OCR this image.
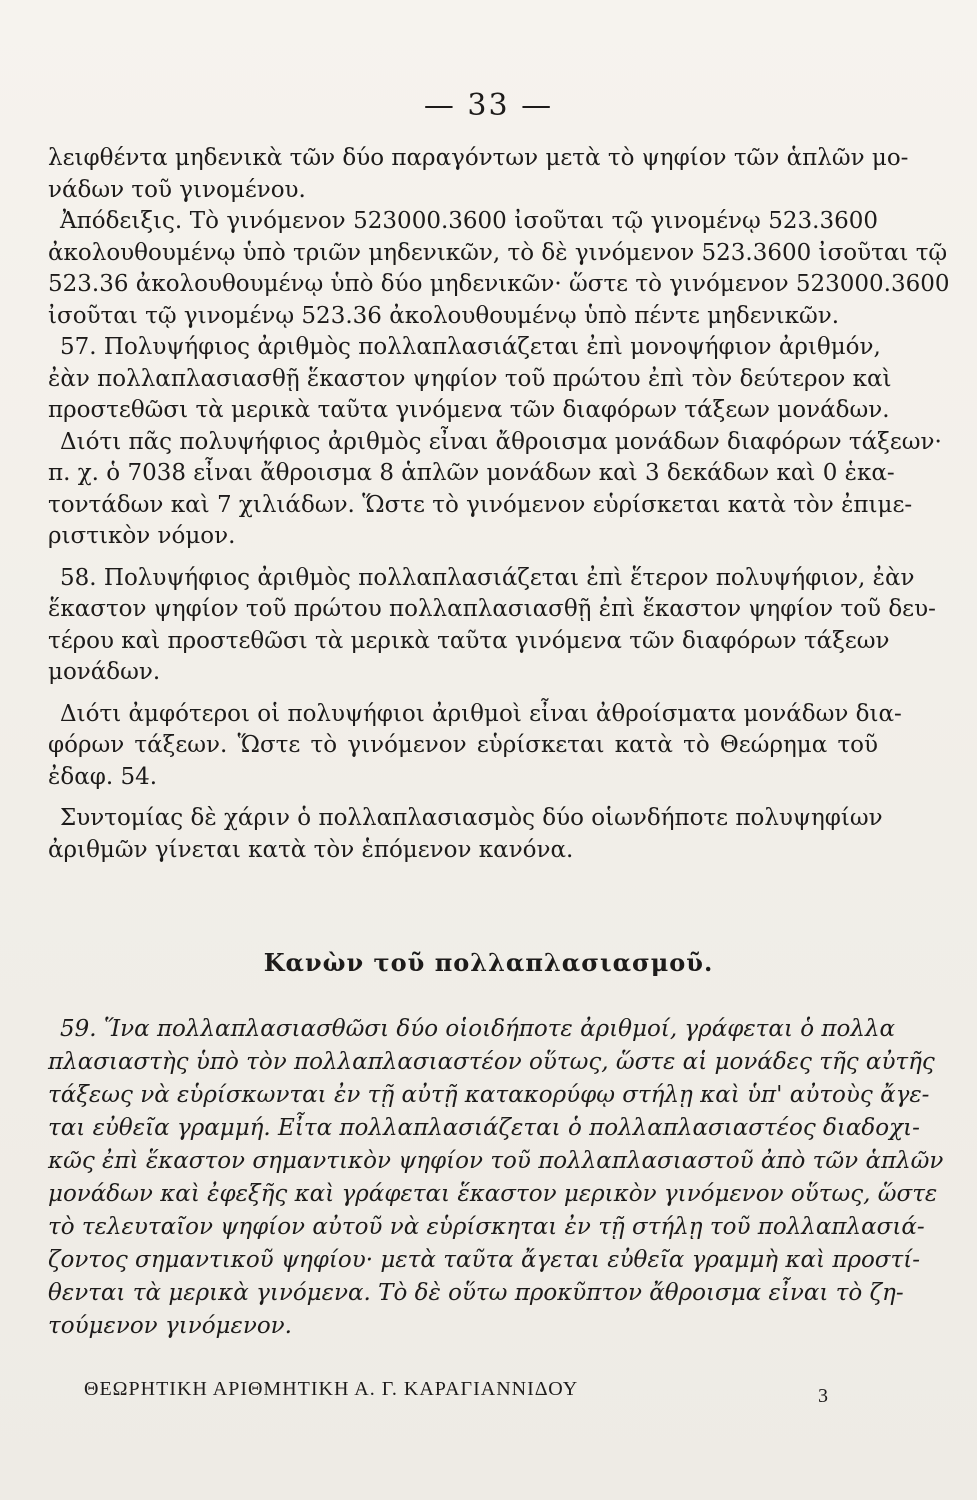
— 33 —
λειφθέντα μηδενικὰ τῶν δύο παραγόντων μετὰ τὸ ψηφίον τῶν ἁπλῶν μο-
νάδων τοῦ γινομένου.
Ἀπόδειξις. Τὸ γινόμενον 523000.3600 ἰσοῦται τῷ γινομένῳ 523.3600
ἀκολουθουμένῳ ὑπὸ τριῶν μηδενικῶν, τὸ δὲ γινόμενον 523.3600 ἰσοῦται τῷ
523.36 ἀκολουθουμένῳ ὑπὸ δύο μηδενικῶν· ὥστε τὸ γινόμενον 523000.3600
ἰσοῦται τῷ γινομένῳ 523.36 ἀκολουθουμένῳ ὑπὸ πέντε μηδενικῶν.
57. Πολυψήφιος ἀριθμὸς πολλαπλασιάζεται ἐπὶ μονοψήφιον ἀριθμόν,
ἐὰν πολλαπλασιασθῇ ἕκαστον ψηφίον τοῦ πρώτου ἐπὶ τὸν δεύτερον καὶ
προστεθῶσι τὰ μερικὰ ταῦτα γινόμενα τῶν διαφόρων τάξεων μονάδων.
Διότι πᾶς πολυψήφιος ἀριθμὸς εἶναι ἄθροισμα μονάδων διαφόρων τάξεων·
π. χ. ὁ 7038 εἶναι ἄθροισμα 8 ἁπλῶν μονάδων καὶ 3 δεκάδων καὶ 0 ἑκα-
τοντάδων καὶ 7 χιλιάδων. Ὥστε τὸ γινόμενον εὑρίσκεται κατὰ τὸν ἐπιμε-
ριστικὸν νόμον.
58. Πολυψήφιος ἀριθμὸς πολλαπλασιάζεται ἐπὶ ἕτερον πολυψήφιον, ἐὰν
ἕκαστον ψηφίον τοῦ πρώτου πολλαπλασιασθῇ ἐπὶ ἕκαστον ψηφίον τοῦ δευ-
τέρου καὶ προστεθῶσι τὰ μερικὰ ταῦτα γινόμενα τῶν διαφόρων τάξεων
μονάδων.
Διότι ἀμφότεροι οἱ πολυψήφιοι ἀριθμοὶ εἶναι ἀθροίσματα μονάδων δια-
φόρων τάξεων. Ὥστε τὸ γινόμενον εὑρίσκεται κατὰ τὸ Θεώρημα τοῦ
ἐδαφ. 54.
Συντομίας δὲ χάριν ὁ πολλαπλασιασμὸς δύο οἱωνδήποτε πολυψηφίων
ἀριθμῶν γίνεται κατὰ τὸν ἑπόμενον κανόνα.
Κανὼν τοῦ πολλαπλασιασμοῦ.
59. Ἵνα πολλαπλασιασθῶσι δύο οἱοιδήποτε ἀριθμοί, γράφεται ὁ πολλα
πλασιαστὴς ὑπὸ τὸν πολλαπλασιαστέον οὕτως, ὥστε αἱ μονάδες τῆς αὐτῆς
τάξεως νὰ εὑρίσκωνται ἐν τῇ αὐτῇ κατακορύφῳ στήλῃ καὶ ὑπ' αὐτοὺς ἄγε-
ται εὐθεῖα γραμμή. Εἶτα πολλαπλασιάζεται ὁ πολλαπλασιαστέος διαδοχι-
κῶς ἐπὶ ἕκαστον σημαντικὸν ψηφίον τοῦ πολλαπλασιαστοῦ ἀπὸ τῶν ἁπλῶν
μονάδων καὶ ἐφεξῆς καὶ γράφεται ἕκαστον μερικὸν γινόμενον οὕτως, ὥστε
τὸ τελευταῖον ψηφίον αὐτοῦ νὰ εὑρίσκηται ἐν τῇ στήλῃ τοῦ πολλαπλασιά-
ζοντος σημαντικοῦ ψηφίου· μετὰ ταῦτα ἄγεται εὐθεῖα γραμμὴ καὶ προστί-
θενται τὰ μερικὰ γινόμενα. Τὸ δὲ οὕτω προκῦπτον ἄθροισμα εἶναι τὸ ζη-
τούμενον γινόμενον.
ΘΕΩΡΗΤΙΚΗ ΑΡΙΘΜΗΤΙΚΗ Α. Γ. ΚΑΡΑΓΙΑΝΝΙΔΟΥ	3
